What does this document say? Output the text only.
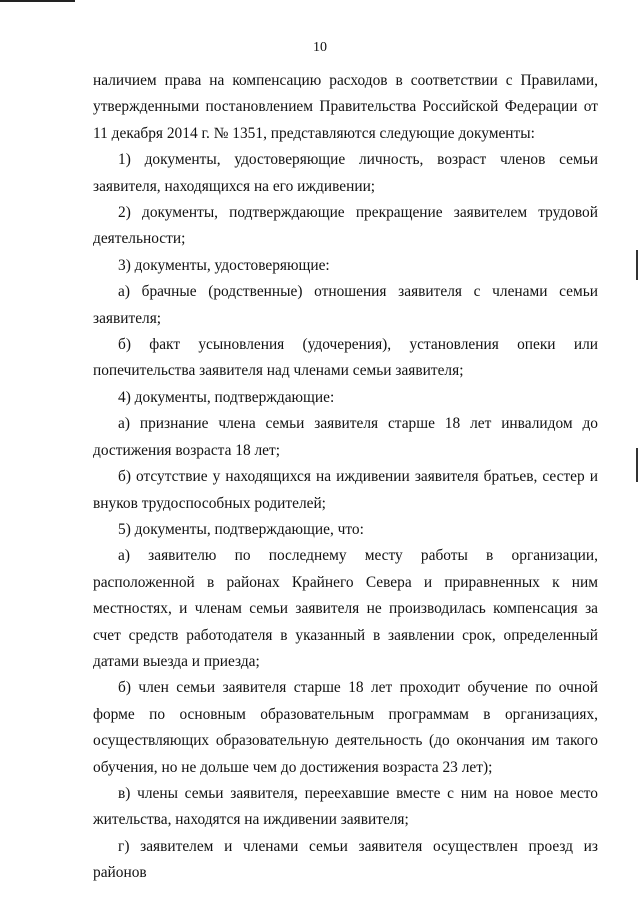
10

наличием права на компенсацию расходов в соответствии с Правилами, утвержденными постановлением Правительства Российской Федерации от 11 декабря 2014 г. № 1351, представляются следующие документы:

1) документы, удостоверяющие личность, возраст членов семьи заявителя, находящихся на его иждивении;

2) документы, подтверждающие прекращение заявителем трудовой деятельности;

3) документы, удостоверяющие:

а) брачные (родственные) отношения заявителя с членами семьи заявителя;

б) факт усыновления (удочерения), установления опеки или попечительства заявителя над членами семьи заявителя;

4) документы, подтверждающие:

а) признание члена семьи заявителя старше 18 лет инвалидом до достижения возраста 18 лет;

б) отсутствие у находящихся на иждивении заявителя братьев, сестер и внуков трудоспособных родителей;

5) документы, подтверждающие, что:

а) заявителю по последнему месту работы в организации, расположенной в районах Крайнего Севера и приравненных к ним местностях, и членам семьи заявителя не производилась компенсация за счет средств работодателя в указанный в заявлении срок, определенный датами выезда и приезда;

б) член семьи заявителя старше 18 лет проходит обучение по очной форме по основным образовательным программам в организациях, осуществляющих образовательную деятельность (до окончания им такого обучения, но не дольше чем до достижения возраста 23 лет);

в) члены семьи заявителя, переехавшие вместе с ним на новое место жительства, находятся на иждивении заявителя;

г) заявителем и членами семьи заявителя осуществлен проезд из районов
